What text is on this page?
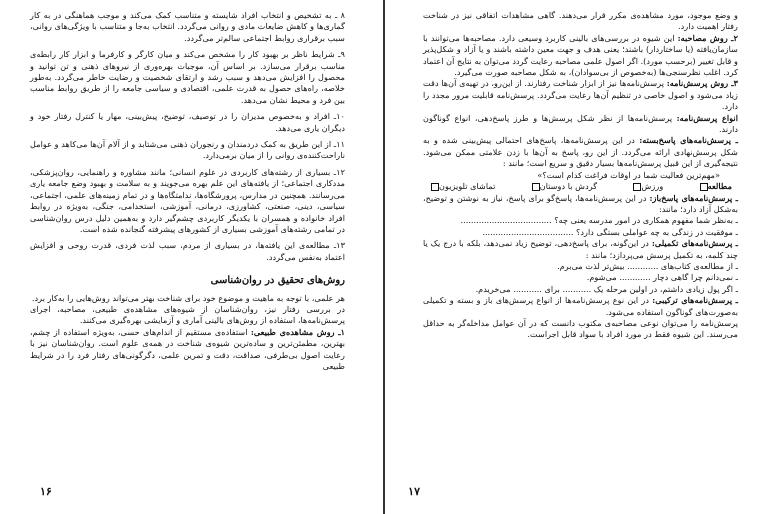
۸ ـ به تشخیص و انتخاب افراد شایسته و متناسب کمک می‌کند و موجب هماهنگی در به کار گماری‌ها و کاهش ضایعات مادی و روانی می‌گردد. انتخاب به‌جا و متناسب با ویژگی‌های روانی، سبب برقراری روابط اجتماعی سالم‌تر می‌گردد.

۹ـ شرایط ناظر بر بهبود کار را مشخص می‌کند و میان کارگر و کارفرما و ابزار کار رابطه‌ی مناسب برقرار می‌سازد. بر اساس آن، موجبات بهره‌وری از نیروهای ذهنی و تن توانید و محصول را افزایش می‌دهد و سبب رشد و ارتقای شخصیت و رضایت خاطر می‌گردد. به‌طور خلاصه، راه‌های حصول به قدرت علمی، اقتصادی و سیاسی جامعه را از طریق روابط مناسب بین فرد و محیط نشان می‌دهد.

۱۰ـ افراد و به‌خصوص مدیران را در توصیف، توضیح، پیش‌بینی، مهار یا کنترل رفتار خود و دیگران یاری می‌دهد.

۱۱ـ از این طریق به کمک دردمندان و رنجوران ذهنی می‌شتابد و از آلام آن‌ها می‌کاهد و عوامل ناراحت‌کننده‌ی روانی را از میان برمی‌دارد.

۱۲ـ بسیاری از رشته‌های کاربردی در علوم انسانی؛ مانند مشاوره و راهنمایی، روان‌پزشکی، مددکاری اجتماعی؛ از یافته‌های این علم بهره می‌جویند و به سلامت و بهبود وضع جامعه یاری می‌رسانند. همچنین در مدارس، پرورشگاه‌ها، ندامتگاه‌ها و در تمام زمینه‌های علمی، اجتماعی، سیاسی، دینی، صنعتی، کشاورزی، درمانی، آموزشی، استخدامی، جنگی، به‌ویژه در روابط افراد خانواده و همسران با یکدیگر کاربردی چشم‌گیر دارد و به‌همین دلیل درس روان‌شناسی در تمامی رشته‌های آموزشی بسیاری از کشورهای پیشرفته گنجانده شده است.

۱۳ـ مطالعه‌ی این یافته‌ها، در بسیاری از مردم، سبب لذت فردی، قدرت روحی و افزایش اعتماد به‌نفس می‌گردد.

روش‌های تحقیق در روان‌شناسی

هر علمی، با توجه به ماهیت و موضوع خود برای شناخت بهتر می‌تواند روش‌هایی را به‌کار برد.

در بررسی رفتار نیز، روان‌شناسان از شیوه‌های مشاهده‌ی طبیعی، مصاحبه، اجرای پرسش‌نامه‌ها، استفاده از روش‌های بالینی آماری و آزمایشی بهره‌گیری می‌کنند.

۱ـ روش مشاهده‌ی طبیعی: استفاده‌ی مستقیم از اندام‌های حسی، به‌ویژه استفاده از چشم، بهترین، مطمئن‌ترین و ساده‌ترین شیوه‌ی شناخت در همه‌ی علوم است. روان‌شناسان نیز با رعایت اصول بی‌طرفی، صداقت، دقت و تمرین علمی، دگرگونی‌های رفتار فرد را در شرایط طبیعی

۱۶

و وضع موجود، مورد مشاهده‌ی مکرر قرار می‌دهند. گاهی مشاهدات اتفاقی نیز در شناخت رفتار اهمیت دارد.

۲ـ روش مصاحبه: این شیوه در بررسی‌های بالینی کاربرد وسیعی دارد. مصاحبه‌ها می‌توانند با سازمان‌یافته (یا ساختاردار) باشند؛ یعنی هدف و جهت معین داشته باشند و یا آزاد و شکل‌پذیر و قابل تغییر (برحسب مورد). اگر اصول علمی مصاحبه رعایت گردد می‌توان به نتایج آن اعتماد کرد. اغلب نظرسنجی‌ها (به‌خصوص از بی‌سوادان)، به شکل مصاحبه صورت می‌گیرد.

۳ـ روش پرسش‌نامه: پرسش‌نامه‌ها نیز از ابزار شناخت رفتارند. از این‌رو، در تهیه‌ی آن‌ها دقت زیاد می‌شود و اصول خاصی در تنظیم آن‌ها رعایت می‌گردد. پرسش‌نامه قابلیت مرور مجدد را دارد.

انواع پرسش‌نامه: پرسش‌نامه‌ها از نظر شکل پرسش‌ها و طرز پاسخ‌دهی، انواع گوناگون دارند.

ـ پرسش‌نامه‌های پاسخ‌بسته: در این پرسش‌نامه‌ها، پاسخ‌های احتمالی پیش‌بینی شده و به شکل پرسش‌نهادی ارائه می‌گردد. از این رو، پاسخ به آن‌ها با زدن علامتی ممکن می‌شود. نتیجه‌گیری از این قبیل پرسش‌نامه‌ها بسیار دقیق و سریع است؛ مانند :

«مهم‌ترین فعالیت شما در اوقات فراغت کدام است؟»

مطالعه
ورزش
گردش با دوستان
تماشای تلویزیون

ـ پرسش‌نامه‌های پاسخ‌باز: در این پرسش‌نامه‌ها، پاسخ‌گو برای پاسخ، نیاز به نوشتن و توضیح، به‌شکل آزاد دارد؛ مانند:

ـ به‌نظر شما مفهوم همکاری در امور مدرسه یعنی چه؟ ...................................

ـ موفقیت در زندگی به چه عواملی بستگی دارد؟ ...................................

ـ پرسش‌نامه‌های تکمیلی: در این‌گونه، برای پاسخ‌دهی، توضیح زیاد نمی‌دهد، بلکه با درج یک یا چند کلمه، به تکمیل پرسش می‌پردازد؛ مانند :

ـ از مطالعه‌ی کتاب‌های ............ بیش‌تر لذت می‌برم.

ـ نمی‌دانم چرا گاهی دچار ............ می‌شوم.

ـ اگر پول زیادی داشتم، در اولین مرحله یک ........... برای ........... می‌خریدم.

ـ پرسش‌نامه‌های ترکیبی: در این نوع پرسش‌نامه‌ها از انواع پرسش‌های باز و بسته و تکمیلی به‌صورت‌های گوناگون استفاده می‌شود.

پرسش‌نامه را می‌توان نوعی مصاحبه‌ی مکتوب دانست که در آن عوامل مداخله‌گر به حداقل می‌رسند. این شیوه فقط در مورد افراد با سواد قابل اجراست.

۱۷
